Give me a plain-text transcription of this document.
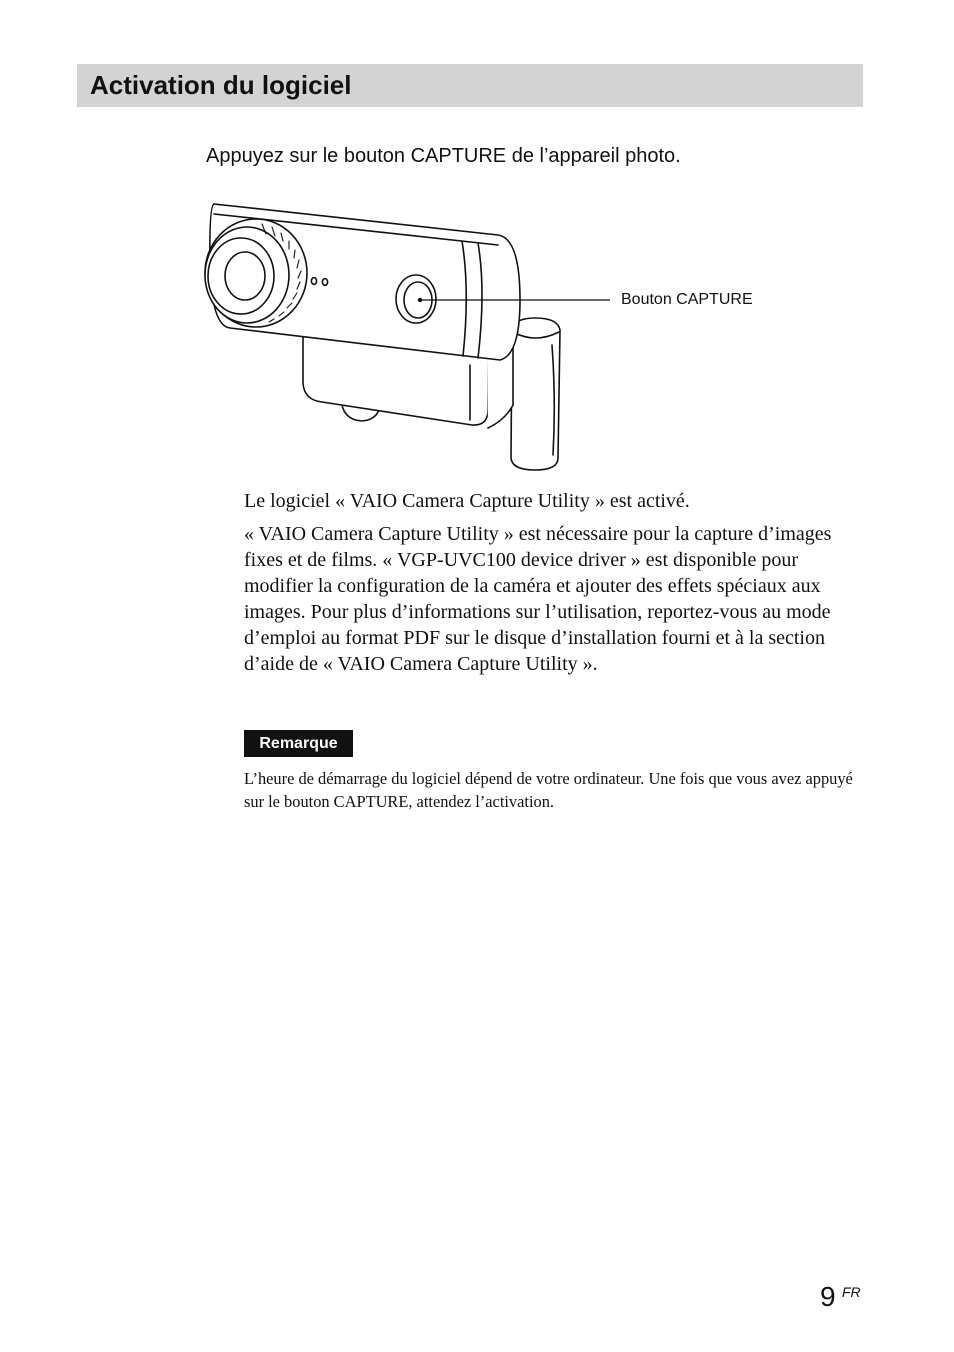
Activation du logiciel

Appuyez sur le bouton CAPTURE de l’appareil photo.

Bouton CAPTURE

Le logiciel « VAIO Camera Capture Utility » est activé.

« VAIO Camera Capture Utility » est nécessaire pour la capture d’images fixes et de films. « VGP-UVC100 device driver » est disponible pour modifier la configuration de la caméra et ajouter des effets spéciaux aux images. Pour plus d’informations sur l’utilisation, reportez-vous au mode d’emploi au format PDF sur le disque d’installation fourni et à la section d’aide de « VAIO Camera Capture Utility ».

Remarque

L’heure de démarrage du logiciel dépend de votre ordinateur. Une fois que vous avez appuyé sur le bouton CAPTURE, attendez l’activation.

9 FR
